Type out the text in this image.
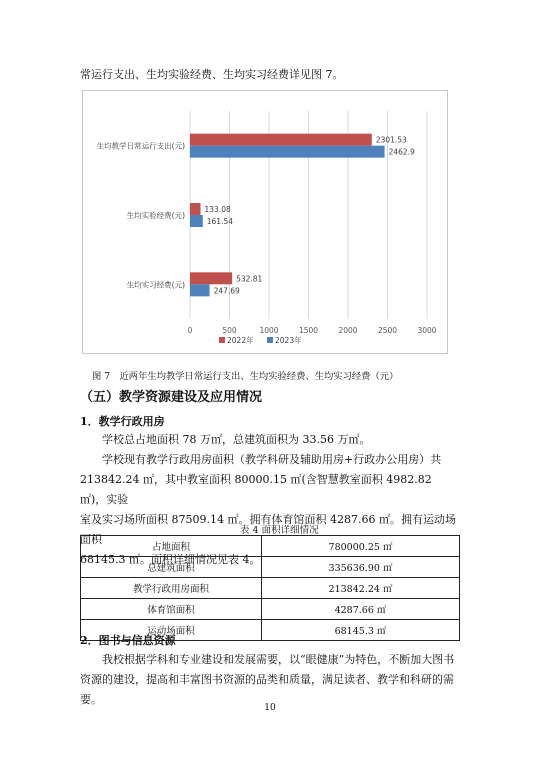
常运行支出、生均实验经费、生均实习经费详见图 7。
0	500	1000	1500	2000	2500	3000
生均教学日常运行支出(元)
2301.53
2462.9
生均实验经费(元)
133.08
161.54
生均实习经费(元)
532.81
247.69
2022年	2023年
图 7　近两年生均教学日常运行支出、生均实验经费、生均实习经费（元）
（五）教学资源建设及应用情况
1．教学行政用房
学校总占地面积 78 万㎡，总建筑面积为 33.56 万㎡。
学校现有教学行政用房面积（教学科研及辅助用房+行政办公用房）共
213842.24 ㎡，其中教室面积 80000.15 ㎡(含智慧教室面积 4982.82 ㎡)，实验
室及实习场所面积 87509.14 ㎡。拥有体育馆面积 4287.66 ㎡。拥有运动场面积
68145.3 ㎡。面积详细情况见表 4。
表 4 面积详细情况
占地面积	780000.25 ㎡
总建筑面积	335636.90 ㎡
教学行政用房面积	213842.24 ㎡
体育馆面积	4287.66 ㎡
运动场面积	68145.3 ㎡
2．图书与信息资源
我校根据学科和专业建设和发展需要，以“眼健康”为特色，不断加大图书
资源的建设，提高和丰富图书资源的品类和质量，满足读者、教学和科研的需要。
10
